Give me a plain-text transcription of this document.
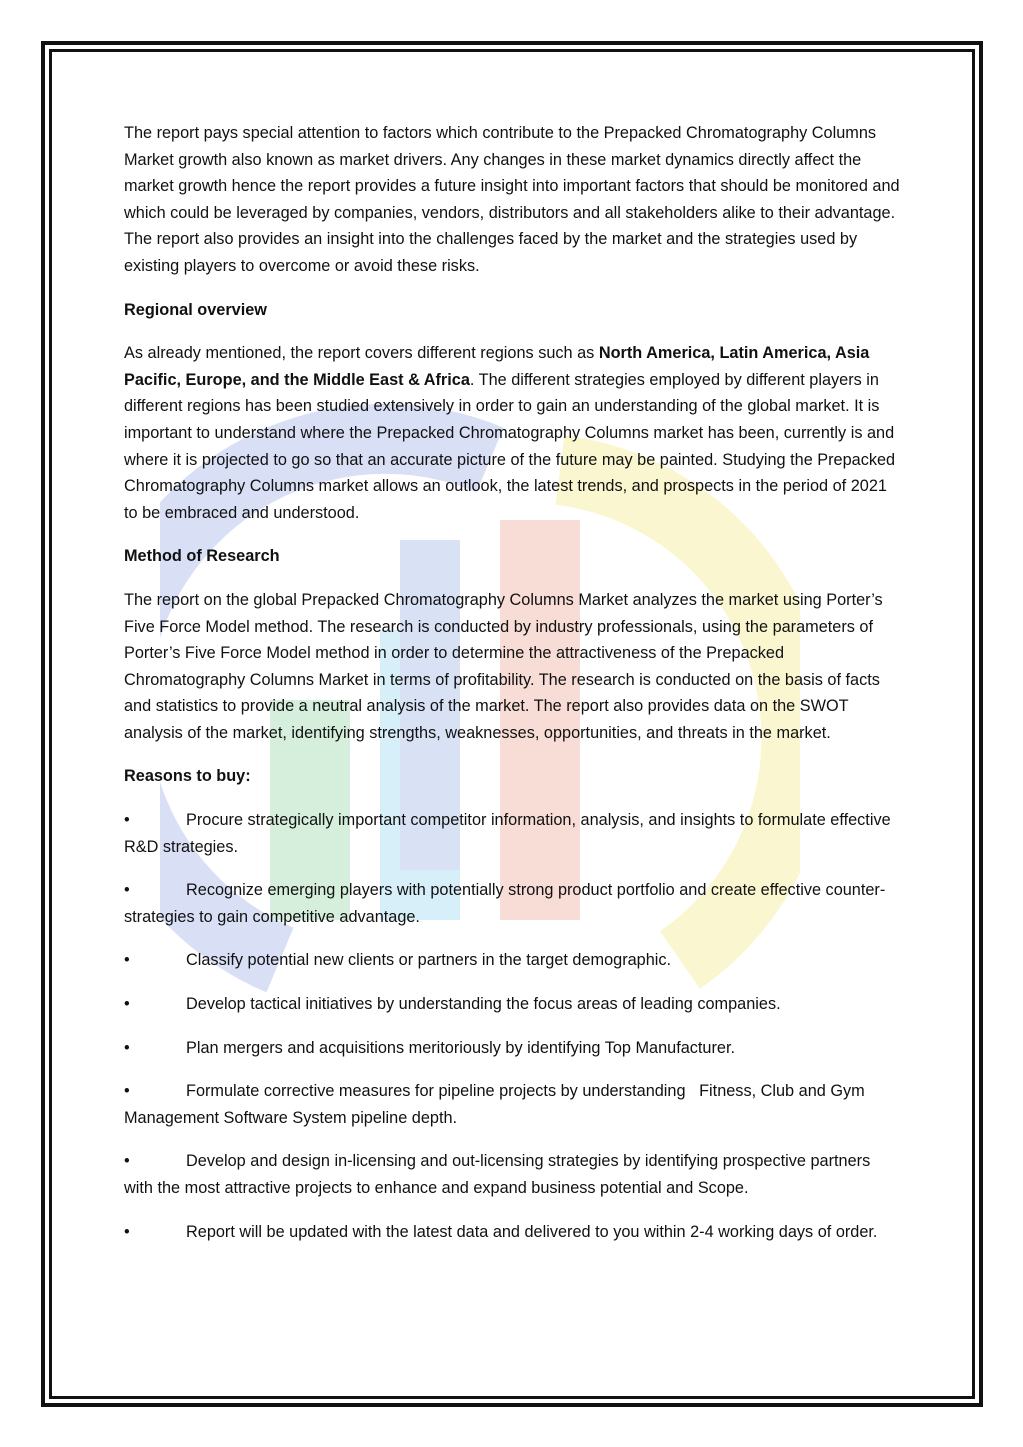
The report pays special attention to factors which contribute to the Prepacked Chromatography Columns Market growth also known as market drivers. Any changes in these market dynamics directly affect the market growth hence the report provides a future insight into important factors that should be monitored and which could be leveraged by companies, vendors, distributors and all stakeholders alike to their advantage. The report also provides an insight into the challenges faced by the market and the strategies used by existing players to overcome or avoid these risks.

Regional overview

As already mentioned, the report covers different regions such as North America, Latin America, Asia Pacific, Europe, and the Middle East & Africa. The different strategies employed by different players in different regions has been studied extensively in order to gain an understanding of the global market. It is important to understand where the Prepacked Chromatography Columns market has been, currently is and where it is projected to go so that an accurate picture of the future may be painted. Studying the Prepacked Chromatography Columns market allows an outlook, the latest trends, and prospects in the period of 2021 to be embraced and understood.

Method of Research

The report on the global Prepacked Chromatography Columns Market analyzes the market using Porter’s Five Force Model method. The research is conducted by industry professionals, using the parameters of Porter’s Five Force Model method in order to determine the attractiveness of the Prepacked Chromatography Columns Market in terms of profitability. The research is conducted on the basis of facts and statistics to provide a neutral analysis of the market. The report also provides data on the SWOT analysis of the market, identifying strengths, weaknesses, opportunities, and threats in the market.

Reasons to buy:

•	Procure strategically important competitor information, analysis, and insights to formulate effective R&D strategies.

•	Recognize emerging players with potentially strong product portfolio and create effective counter-strategies to gain competitive advantage.

•	Classify potential new clients or partners in the target demographic.

•	Develop tactical initiatives by understanding the focus areas of leading companies.

•	Plan mergers and acquisitions meritoriously by identifying Top Manufacturer.

•	Formulate corrective measures for pipeline projects by understanding   Fitness, Club and Gym Management Software System pipeline depth.

•	Develop and design in-licensing and out-licensing strategies by identifying prospective partners with the most attractive projects to enhance and expand business potential and Scope.

•	Report will be updated with the latest data and delivered to you within 2-4 working days of order.
